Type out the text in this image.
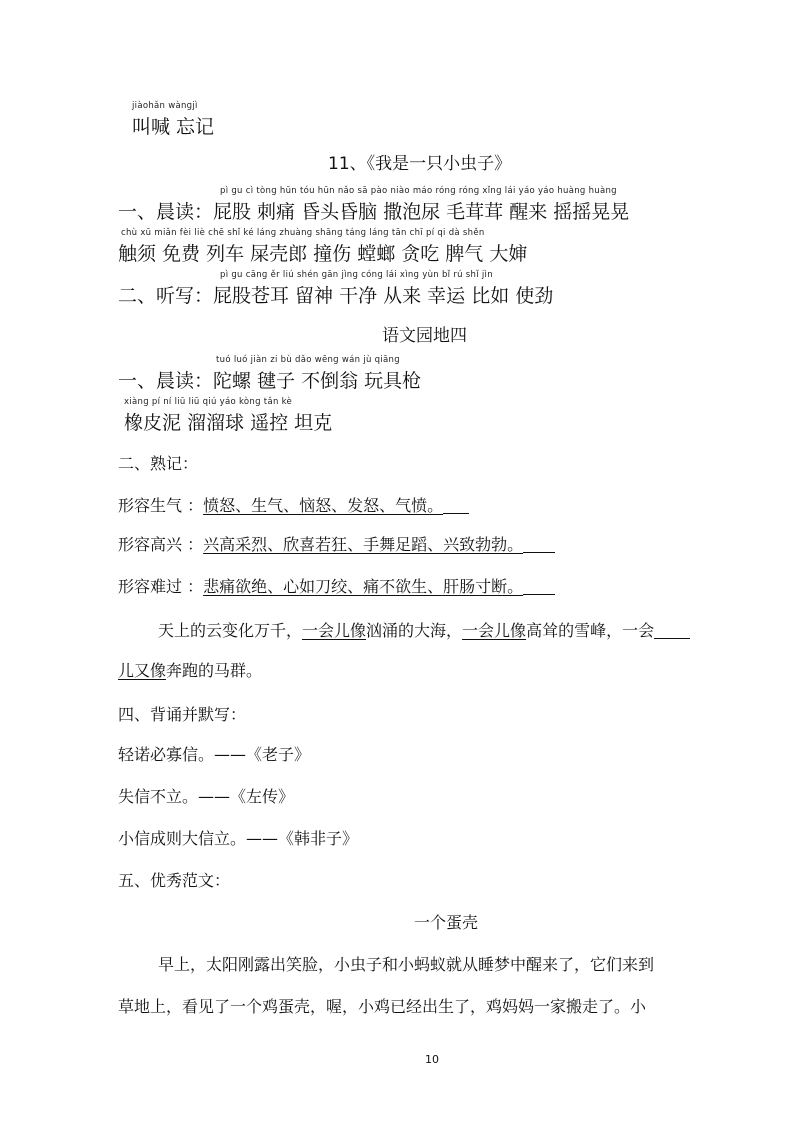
jiàohǎn wànɡjì
叫喊 忘记
11、《我是一只小虫子》
pì ɡu cì tònɡ hūn tóu hūn nǎo sā pào niào máo rónɡ rónɡ xǐnɡ lái yáo yáo huànɡ huànɡ
一、晨读：屁股 刺痛 昏头昏脑 撒泡尿 毛茸茸 醒来 摇摇晃晃
chù xū miǎn fèi liè chē shǐ ké lánɡ zhuànɡ shānɡ tánɡ lánɡ tān chī pí qi dà shěn
触须 免费 列车 屎壳郎 撞伤 螳螂 贪吃 脾气 大婶
pì ɡu cānɡ ěr liú shén ɡān jìnɡ cónɡ lái xìnɡ yùn bǐ rú shǐ jìn
二、听写：屁股苍耳 留神 干净 从来 幸运 比如 使劲
语文园地四
tuó luó jiàn zi bù dǎo wēnɡ wán jù qiānɡ
一、晨读：陀螺 毽子 不倒翁 玩具枪
xiànɡ pí ní liū liū qiú yáo kònɡ tǎn kè
橡皮泥 溜溜球 遥控 坦克
二、熟记：
形容生气 ：愤怒、生气、恼怒、发怒、气愤。
形容高兴 ：兴高采烈、欣喜若狂、手舞足蹈、兴致勃勃。
形容难过 ：悲痛欲绝、心如刀绞、痛不欲生、肝肠寸断。
天上的云变化万千，一会儿像汹涌的大海，一会儿像高耸的雪峰，一会
儿又像奔跑的马群。
四、背诵并默写：
轻诺必寡信。——《老子》
失信不立。——《左传》
小信成则大信立。——《韩非子》
五、优秀范文：
一个蛋壳
早上，太阳刚露出笑脸，小虫子和小蚂蚁就从睡梦中醒来了，它们来到
草地上，看见了一个鸡蛋壳，喔，小鸡已经出生了，鸡妈妈一家搬走了。小
10
